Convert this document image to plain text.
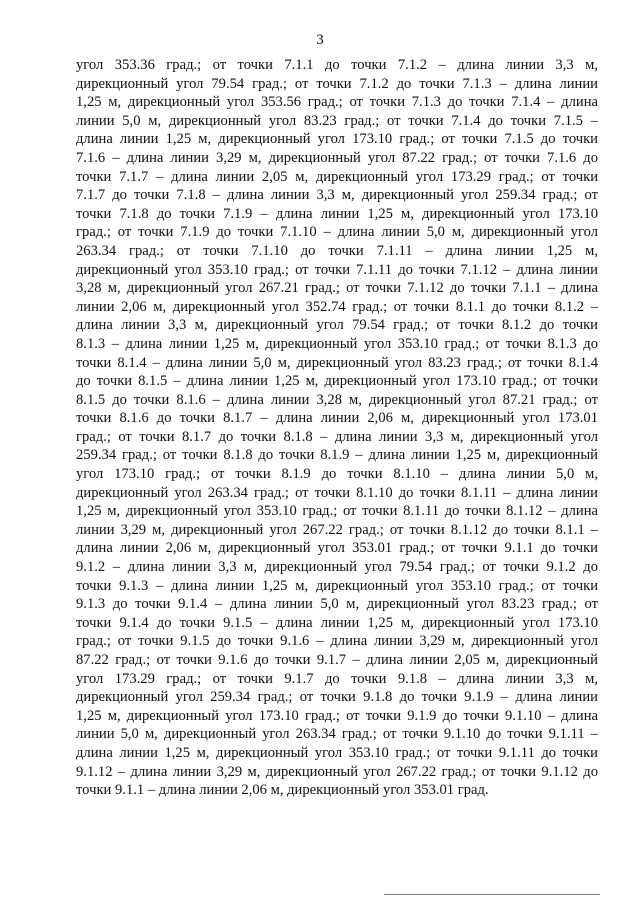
3
угол 353.36 град.; от точки 7.1.1 до точки 7.1.2 – длина линии 3,3 м,
дирекционный угол 79.54 град.; от точки 7.1.2 до точки 7.1.3 – длина линии
1,25 м, дирекционный угол 353.56 град.; от точки 7.1.3 до точки 7.1.4 – длина
линии 5,0 м, дирекционный угол 83.23 град.; от точки 7.1.4 до точки 7.1.5 –
длина линии 1,25 м, дирекционный угол 173.10 град.; от точки 7.1.5 до точки
7.1.6 – длина линии 3,29 м, дирекционный угол 87.22 град.; от точки 7.1.6 до
точки 7.1.7 – длина линии 2,05 м, дирекционный угол 173.29 град.; от точки
7.1.7 до точки 7.1.8 – длина линии 3,3 м, дирекционный угол 259.34 град.; от
точки 7.1.8 до точки 7.1.9 – длина линии 1,25 м, дирекционный угол 173.10
град.; от точки 7.1.9 до точки 7.1.10 – длина линии 5,0 м, дирекционный угол
263.34 град.; от точки 7.1.10 до точки 7.1.11 – длина линии 1,25 м,
дирекционный угол 353.10 град.; от точки 7.1.11 до точки 7.1.12 – длина линии
3,28 м, дирекционный угол 267.21 град.; от точки 7.1.12 до точки 7.1.1 – длина
линии 2,06 м, дирекционный угол 352.74 град.; от точки 8.1.1 до точки 8.1.2 –
длина линии 3,3 м, дирекционный угол 79.54 град.; от точки 8.1.2 до точки
8.1.3 – длина линии 1,25 м, дирекционный угол 353.10 град.; от точки 8.1.3 до
точки 8.1.4 – длина линии 5,0 м, дирекционный угол 83.23 град.; от точки 8.1.4
до точки 8.1.5 – длина линии 1,25 м, дирекционный угол 173.10 град.; от точки
8.1.5 до точки 8.1.6 – длина линии 3,28 м, дирекционный угол 87.21 град.; от
точки 8.1.6 до точки 8.1.7 – длина линии 2,06 м, дирекционный угол 173.01
град.; от точки 8.1.7 до точки 8.1.8 – длина линии 3,3 м, дирекционный угол
259.34 град.; от точки 8.1.8 до точки 8.1.9 – длина линии 1,25 м, дирекционный
угол 173.10 град.; от точки 8.1.9 до точки 8.1.10 – длина линии 5,0 м,
дирекционный угол 263.34 град.; от точки 8.1.10 до точки 8.1.11 – длина линии
1,25 м, дирекционный угол 353.10 град.; от точки 8.1.11 до точки 8.1.12 – длина
линии 3,29 м, дирекционный угол 267.22 град.; от точки 8.1.12 до точки 8.1.1 –
длина линии 2,06 м, дирекционный угол 353.01 град.; от точки 9.1.1 до точки
9.1.2 – длина линии 3,3 м, дирекционный угол 79.54 град.; от точки 9.1.2 до
точки 9.1.3 – длина линии 1,25 м, дирекционный угол 353.10 град.; от точки
9.1.3 до точки 9.1.4 – длина линии 5,0 м, дирекционный угол 83.23 град.; от
точки 9.1.4 до точки 9.1.5 – длина линии 1,25 м, дирекционный угол 173.10
град.; от точки 9.1.5 до точки 9.1.6 – длина линии 3,29 м, дирекционный угол
87.22 град.; от точки 9.1.6 до точки 9.1.7 – длина линии 2,05 м, дирекционный
угол 173.29 град.; от точки 9.1.7 до точки 9.1.8 – длина линии 3,3 м,
дирекционный угол 259.34 град.; от точки 9.1.8 до точки 9.1.9 – длина линии
1,25 м, дирекционный угол 173.10 град.; от точки 9.1.9 до точки 9.1.10 – длина
линии 5,0 м, дирекционный угол 263.34 град.; от точки 9.1.10 до точки 9.1.11 –
длина линии 1,25 м, дирекционный угол 353.10 град.; от точки 9.1.11 до точки
9.1.12 – длина линии 3,29 м, дирекционный угол 267.22 град.; от точки 9.1.12 до
точки 9.1.1 – длина линии 2,06 м, дирекционный угол 353.01 град.
